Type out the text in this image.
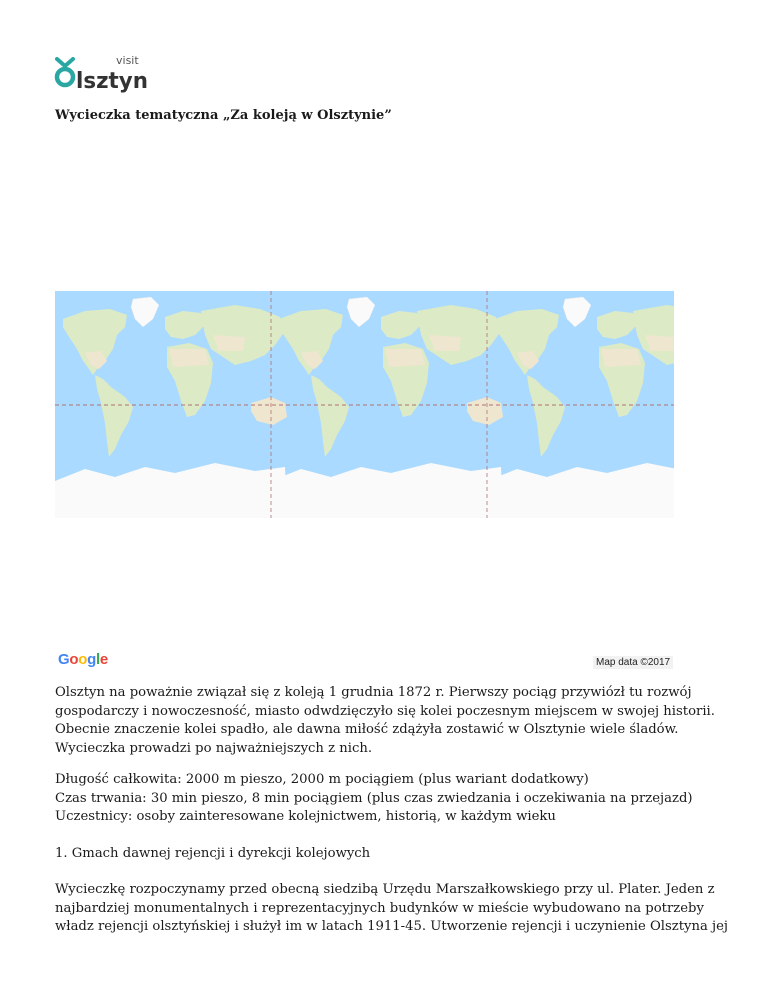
visit
lsztyn

Wycieczka tematyczna „Za koleją w Olsztynie”

Google	Map data ©2017
Olsztyn na poważnie związał się z koleją 1 grudnia 1872 r. Pierwszy pociąg przywiózł tu rozwój
gospodarczy i nowoczesność, miasto odwdzięczyło się kolei poczesnym miejscem w swojej historii.
Obecnie znaczenie kolei spadło, ale dawna miłość zdążyła zostawić w Olsztynie wiele śladów.
Wycieczka prowadzi po najważniejszych z nich.
Długość całkowita: 2000 m pieszo, 2000 m pociągiem (plus wariant dodatkowy)
Czas trwania: 30 min pieszo, 8 min pociągiem (plus czas zwiedzania i oczekiwania na przejazd)
Uczestnicy: osoby zainteresowane kolejnictwem, historią, w każdym wieku
1. Gmach dawnej rejencji i dyrekcji kolejowych
Wycieczkę rozpoczynamy przed obecną siedzibą Urzędu Marszałkowskiego przy ul. Plater. Jeden z
najbardziej monumentalnych i reprezentacyjnych budynków w mieście wybudowano na potrzeby
władz rejencji olsztyńskiej i służył im w latach 1911-45. Utworzenie rejencji i uczynienie Olsztyna jej
